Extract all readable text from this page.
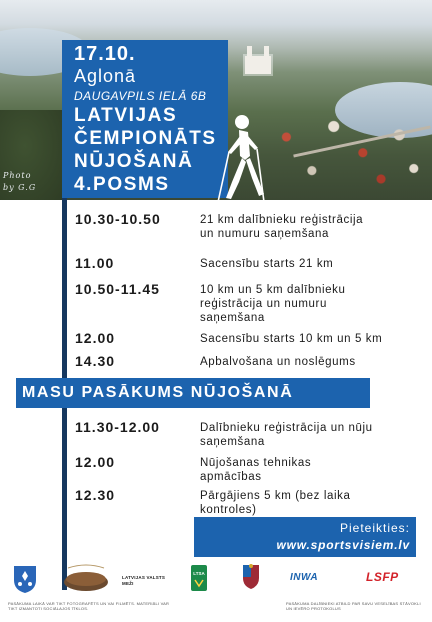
Photo by G.G
17.10.
Aglonā
DAUGAVPILS IELĀ 6B
LATVIJAS
ČEMPIONĀTS
NŪJOŠANĀ
4.POSMS
10.30-10.50	21 km dalībnieku reģistrācija un numuru saņemšana
11.00	Sacensību starts 21 km
10.50-11.45	10 km un 5 km dalībnieku reģistrācija un numuru saņemšana
12.00	Sacensību starts 10 km un 5 km
14.30	Apbalvošana un noslēgums
MASU PASĀKUMS NŪJOŠANĀ
11.30-12.00	Dalībnieku reģistrācija un nūju saņemšana
12.00	Nūjošanas tehnikas apmācības
12.30	Pārgājiens 5 km (bez laika kontroles)
Pieteikties:
www.sportsvisiem.lv
LATVIJAS VALSTS MEŽI
LTSA	INWA	LSFP
PASĀKUMA LAIKĀ VAR TIKT FOTOGRAFĒTS UN VAI FILMĒTS. MATERIĀLI VAR TIKT IZMANTOTI SOCIĀLAJOS TĪKLOS.
PASĀKUMA DALĪBNIEKI ATBILD PAR SAVU VESELĪBAS STĀVOKLI UN IEVĒRO PROTOKOLUS
